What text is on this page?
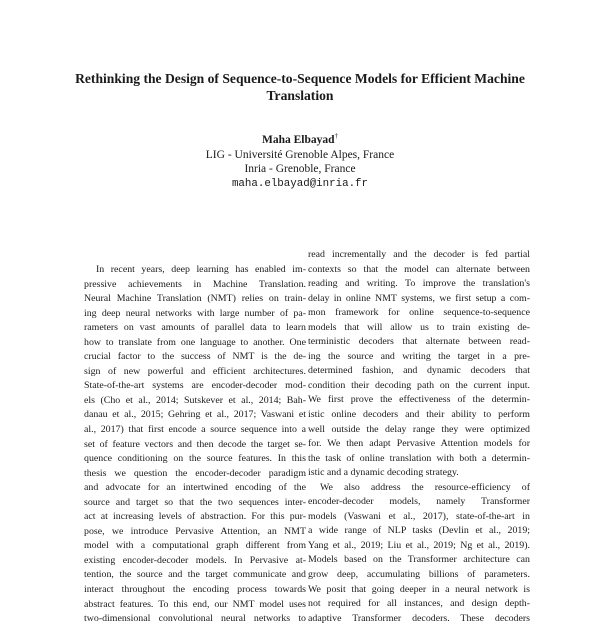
Rethinking the Design of Sequence-to-Sequence Models for Efficient Machine Translation
Maha Elbayad†
LIG - Université Grenoble Alpes, France
Inria - Grenoble, France
maha.elbayad@inria.fr
In recent years, deep learning has enabled im-
pressive achievements in Machine Translation.
Neural Machine Translation (NMT) relies on train-
ing deep neural networks with large number of pa-
rameters on vast amounts of parallel data to learn
how to translate from one language to another. One
crucial factor to the success of NMT is the de-
sign of new powerful and efficient architectures.
State-of-the-art systems are encoder-decoder mod-
els (Cho et al., 2014; Sutskever et al., 2014; Bah-
danau et al., 2015; Gehring et al., 2017; Vaswani et
al., 2017) that first encode a source sequence into a
set of feature vectors and then decode the target se-
quence conditioning on the source features. In this
thesis we question the encoder-decoder paradigm
and advocate for an intertwined encoding of the
source and target so that the two sequences inter-
act at increasing levels of abstraction. For this pur-
pose, we introduce Pervasive Attention, an NMT
model with a computational graph different from
existing encoder-decoder models. In Pervasive at-
tention, the source and the target communicate and
interact throughout the encoding process towards
abstract features. To this end, our NMT model uses
two-dimensional convolutional neural networks to
read incrementally and the decoder is fed partial
contexts so that the model can alternate between
reading and writing. To improve the translation's
delay in online NMT systems, we first setup a com-
mon framework for online sequence-to-sequence
models that will allow us to train existing de-
terministic decoders that alternate between read-
ing the source and writing the target in a pre-
determined fashion, and dynamic decoders that
condition their decoding path on the current input.
We first prove the effectiveness of the determin-
istic online decoders and their ability to perform
well outside the delay range they were optimized
for. We then adapt Pervasive Attention models for
the task of online translation with both a determin-
istic and a dynamic decoding strategy.
We also address the resource-efficiency of
encoder-decoder models, namely Transformer
models (Vaswani et al., 2017), state-of-the-art in
a wide range of NLP tasks (Devlin et al., 2019;
Yang et al., 2019; Liu et al., 2019; Ng et al., 2019).
Models based on the Transformer architecture can
grow deep, accumulating billions of parameters.
We posit that going deeper in a neural network is
not required for all instances, and design depth-
adaptive Transformer decoders. These decoders
